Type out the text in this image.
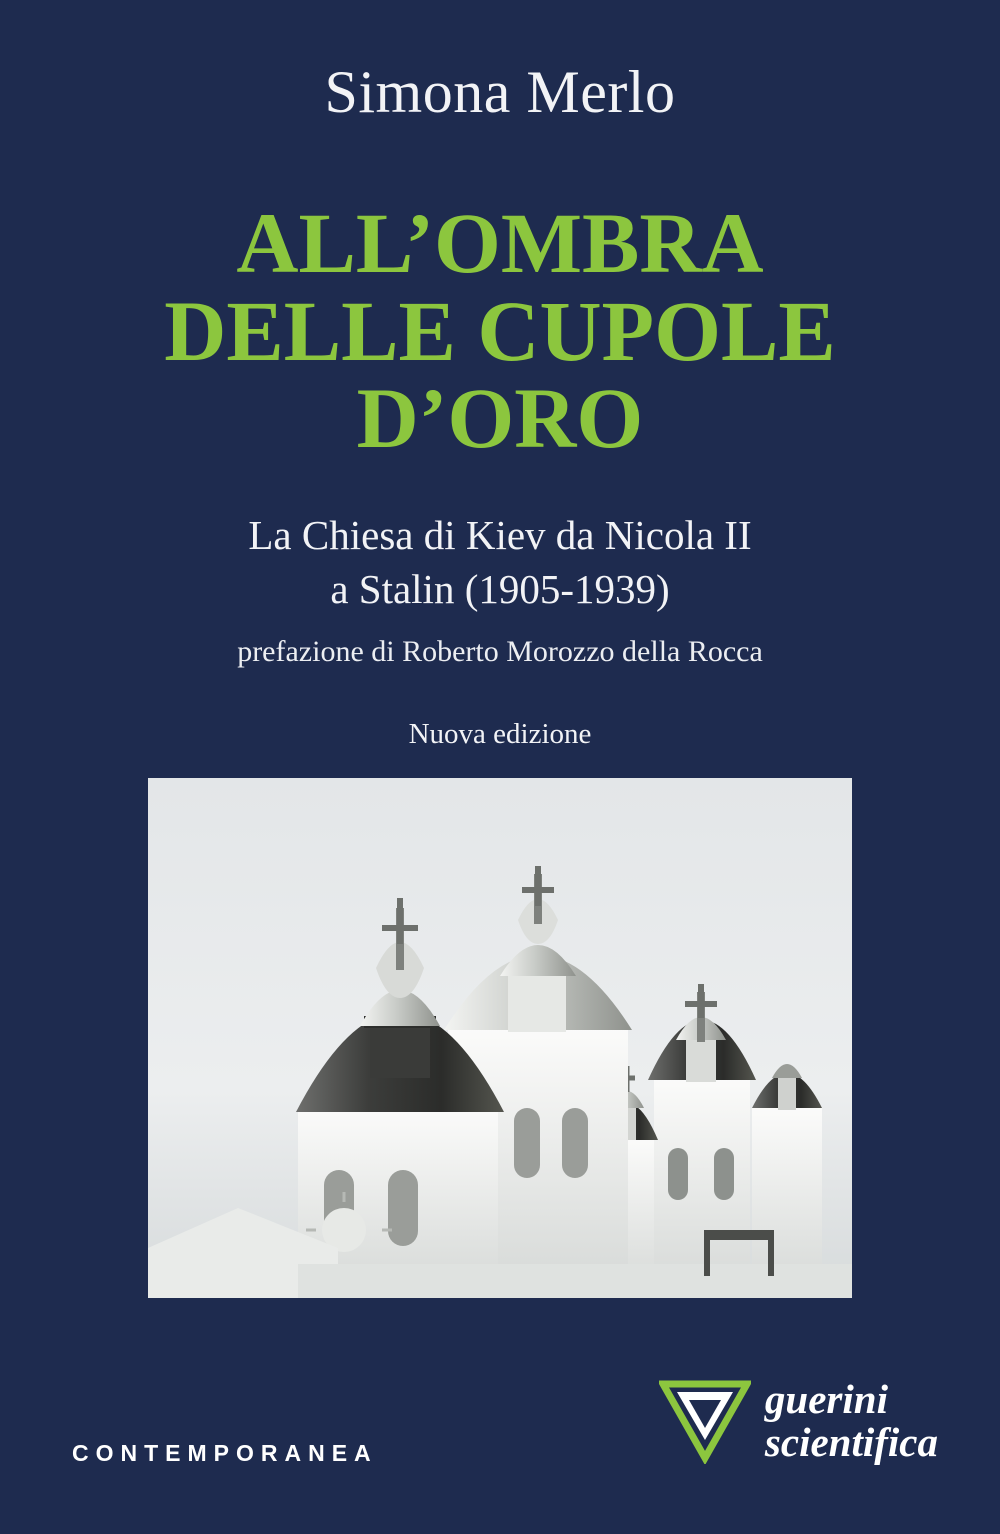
Simona Merlo
ALL’OMBRA
DELLE CUPOLE
D’ORO
La Chiesa di Kiev da Nicola II
a Stalin (1905-1939)
prefazione di Roberto Morozzo della Rocca
Nuova edizione
CONTEMPORANEA
guerini
scientifica
